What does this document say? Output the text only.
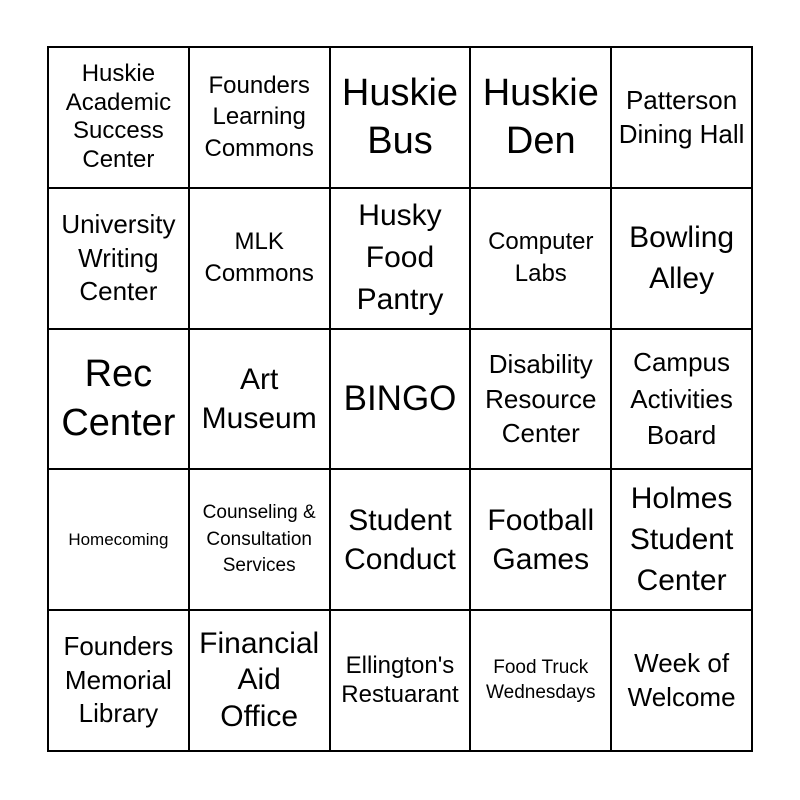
Huskie Academic Success Center
Founders Learning Commons
Huskie Bus
Huskie Den
Patterson Dining Hall
University Writing Center
MLK Commons
Husky Food Pantry
Computer Labs
Bowling Alley
Rec Center
Art Museum
BINGO
Disability Resource Center
Campus Activities Board
Homecoming
Counseling & Consultation Services
Student Conduct
Football Games
Holmes Student Center
Founders Memorial Library
Financial Aid Office
Ellington's Restuarant
Food Truck Wednesdays
Week of Welcome
